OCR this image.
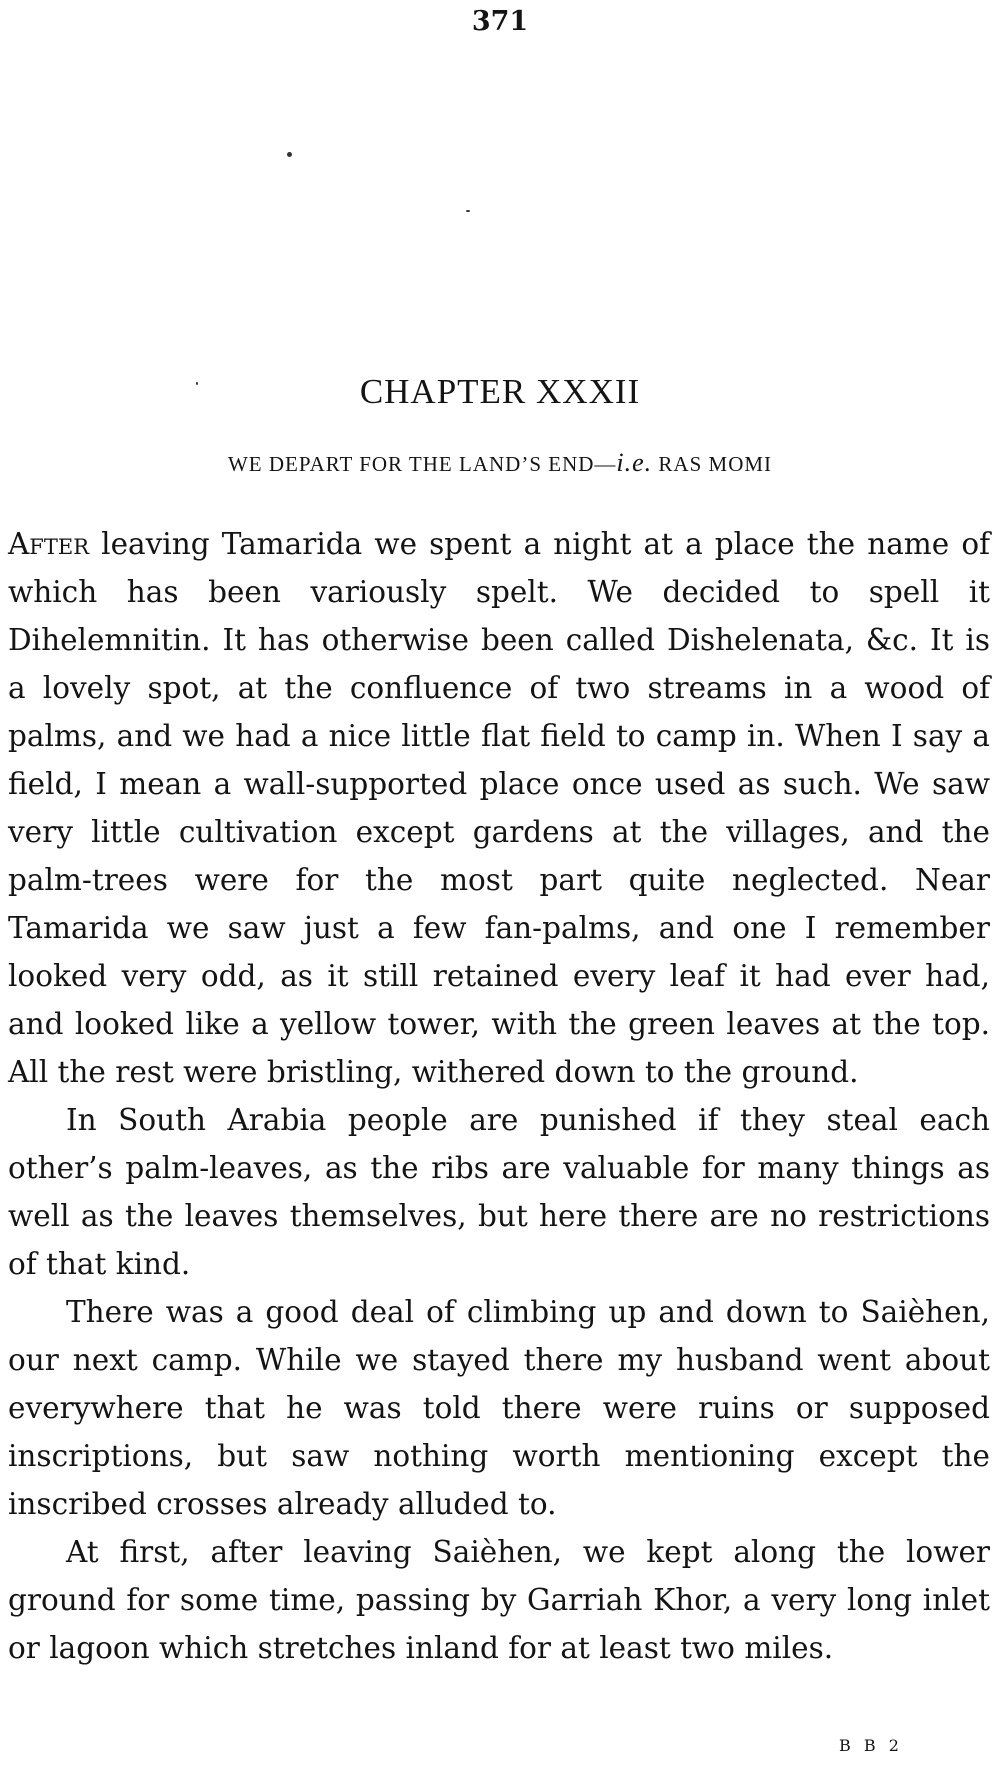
371
CHAPTER XXXII
WE DEPART FOR THE LAND’S END—i.e. RAS MOMI

After leaving Tamarida we spent a night at a place the name of which has been variously spelt. We decided to spell it Dihelemnitin. It has otherwise been called Dishelenata, &c. It is a lovely spot, at the confluence of two streams in a wood of palms, and we had a nice little flat field to camp in. When I say a field, I mean a wall-supported place once used as such. We saw very little cultivation except gardens at the villages, and the palm-trees were for the most part quite neglected. Near Tamarida we saw just a few fan-palms, and one I remember looked very odd, as it still retained every leaf it had ever had, and looked like a yellow tower, with the green leaves at the top. All the rest were bristling, withered down to the ground.

In South Arabia people are punished if they steal each other’s palm-leaves, as the ribs are valuable for many things as well as the leaves themselves, but here there are no restrictions of that kind.

There was a good deal of climbing up and down to Saièhen, our next camp. While we stayed there my husband went about everywhere that he was told there were ruins or supposed inscriptions, but saw nothing worth mentioning except the inscribed crosses already alluded to.

At first, after leaving Saièhen, we kept along the lower ground for some time, passing by Garriah Khor, a very long inlet or lagoon which stretches inland for at least two miles.

B B 2
